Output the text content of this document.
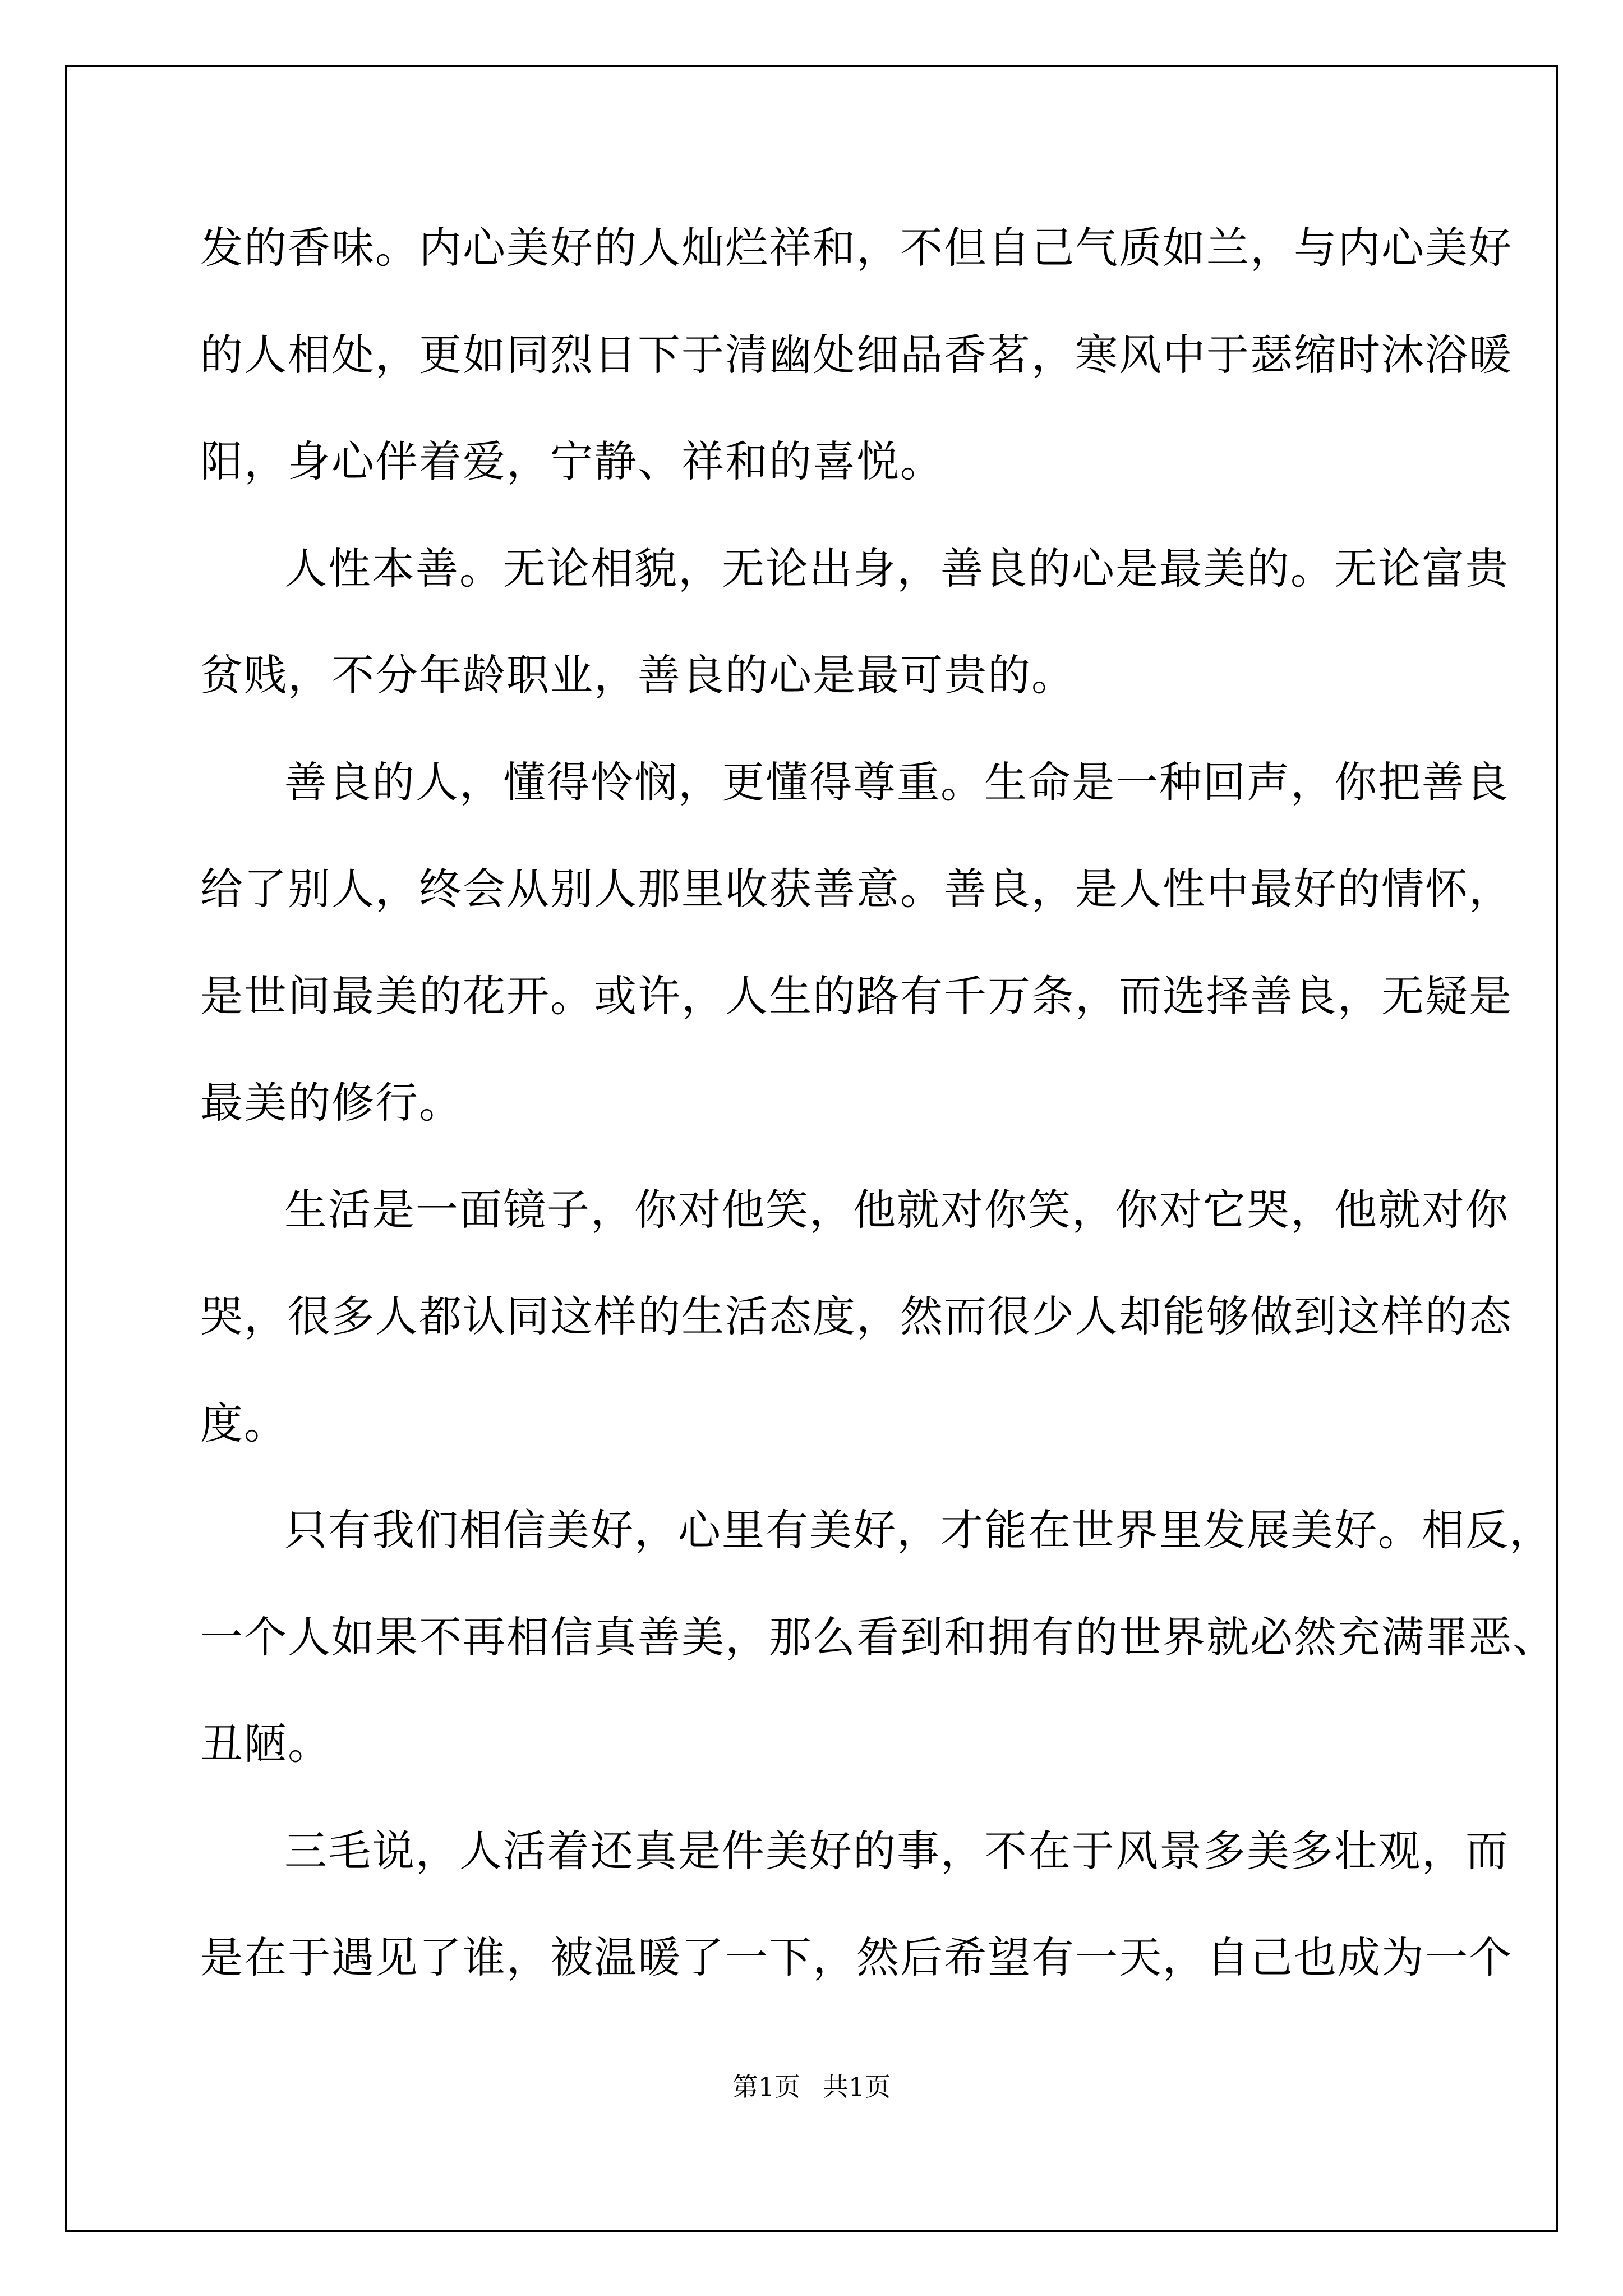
发的香味。内心美好的人灿烂祥和，不但自己气质如兰，与内心美好
的人相处，更如同烈日下于清幽处细品香茗，寒风中于瑟缩时沐浴暖
阳，身心伴着爱，宁静、祥和的喜悦。
人性本善。无论相貌，无论出身，善良的心是最美的。无论富贵
贫贱，不分年龄职业，善良的心是最可贵的。
善良的人，懂得怜悯，更懂得尊重。生命是一种回声，你把善良
给了别人，终会从别人那里收获善意。善良，是人性中最好的情怀，
是世间最美的花开。或许，人生的路有千万条，而选择善良，无疑是
最美的修行。
生活是一面镜子，你对他笑，他就对你笑，你对它哭，他就对你
哭，很多人都认同这样的生活态度，然而很少人却能够做到这样的态
度。
只有我们相信美好，心里有美好，才能在世界里发展美好。相反，
一个人如果不再相信真善美，那么看到和拥有的世界就必然充满罪恶、
丑陋。
三毛说，人活着还真是件美好的事，不在于风景多美多壮观，而
是在于遇见了谁，被温暖了一下，然后希望有一天，自己也成为一个
第1页 共1页
